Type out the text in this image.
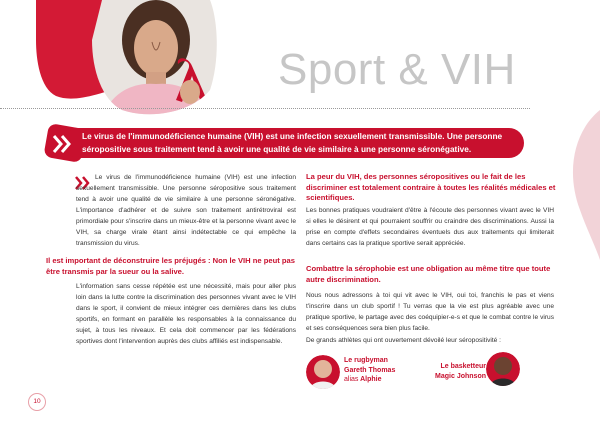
Sport & VIH
Le virus de l'immunodéficience humaine (VIH) est une infection sexuellement transmissible. Une personne séropositive sous traitement tend à avoir une qualité de vie similaire à une personne séronégative.
Le virus de l'immunodéficience humaine (VIH) est une infection sexuellement transmissible. Une personne séropositive sous traitement tend à avoir une qualité de vie similaire à une personne séronégative. L'importance d'adhérer et de suivre son traitement antirétroviral est primordiale pour s'inscrire dans un mieux-être et la personne vivant avec le VIH, sa charge virale étant ainsi indétectable ce qui empêche la transmission du virus.
Il est important de déconstruire les préjugés : Non le VIH ne peut pas être transmis par la sueur ou la salive.
L'information sans cesse répétée est une nécessité, mais pour aller plus loin dans la lutte contre la discrimination des personnes vivant avec le VIH dans le sport, il convient de mieux intégrer ces dernières dans les clubs sportifs, en formant en parallèle les responsables à la connaissance du sujet, à tous les niveaux. Et cela doit commencer par les fédérations sportives dont l'intervention auprès des clubs affiliés est indispensable.
La peur du VIH, des personnes séropositives ou le fait de les discriminer est totalement contraire à toutes les réalités médicales et scientifiques.
Les bonnes pratiques voudraient d'être à l'écoute des personnes vivant avec le VIH si elles le désirent et qui pourraient souffrir ou craindre des discriminations. Aussi la prise en compte d'effets secondaires éventuels dus aux traitements qui limiterait dans certains cas la pratique sportive serait appréciée.
Combattre la sérophobie est une obligation au même titre que toute autre discrimination.
Nous nous adressons à toi qui vit avec le VIH, oui toi, franchis le pas et viens t'inscrire dans un club sportif ! Tu verras que la vie est plus agréable avec une pratique sportive, le partage avec des coéquipier-e-s et que le combat contre le virus et ses conséquences sera bien plus facile.
De grands athlètes qui ont ouvertement dévoilé leur séropositivité :
Le rugbyman
Gareth Thomas
alias Alphie
Le basketteur
Magic Johnson
10
